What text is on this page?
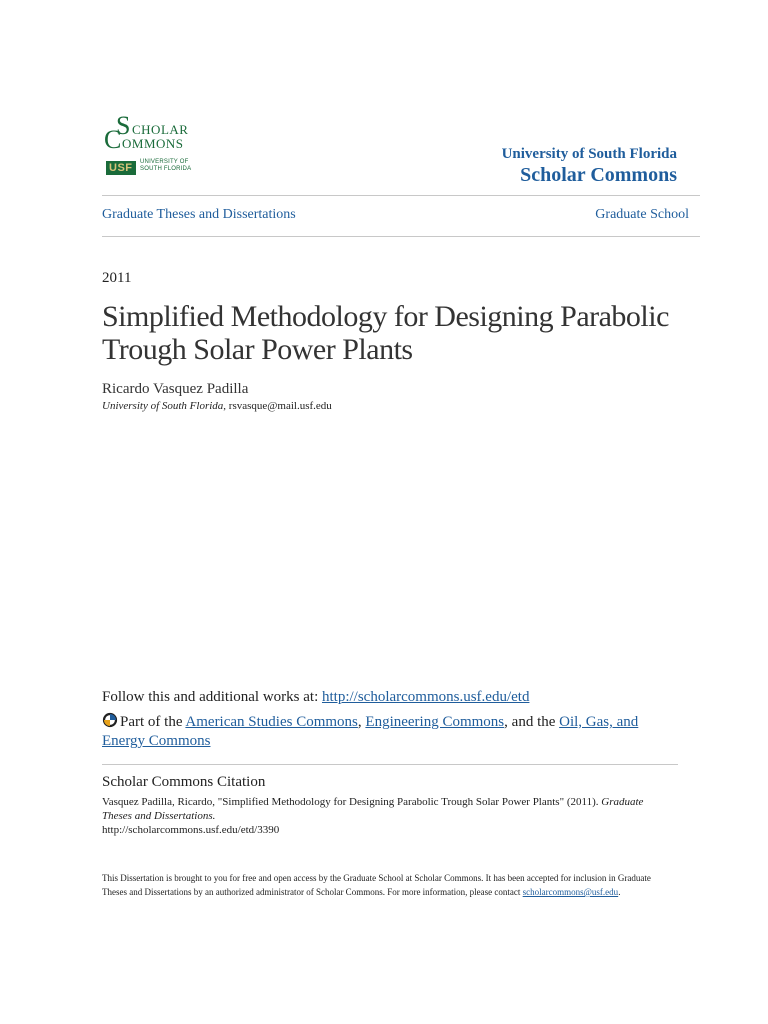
S CHOLAR
C OMMONS
USF	UNIVERSITY OF
SOUTH FLORIDA
University of South Florida
Scholar Commons
Graduate Theses and Dissertations	Graduate School
2011
Simplified Methodology for Designing Parabolic Trough Solar Power Plants
Ricardo Vasquez Padilla
University of South Florida, rsvasque@mail.usf.edu
Follow this and additional works at: http://scholarcommons.usf.edu/etd
Part of the American Studies Commons, Engineering Commons, and the Oil, Gas, and Energy Commons
Scholar Commons Citation
Vasquez Padilla, Ricardo, "Simplified Methodology for Designing Parabolic Trough Solar Power Plants" (2011). Graduate Theses and Dissertations.
http://scholarcommons.usf.edu/etd/3390
This Dissertation is brought to you for free and open access by the Graduate School at Scholar Commons. It has been accepted for inclusion in Graduate Theses and Dissertations by an authorized administrator of Scholar Commons. For more information, please contact scholarcommons@usf.edu.
